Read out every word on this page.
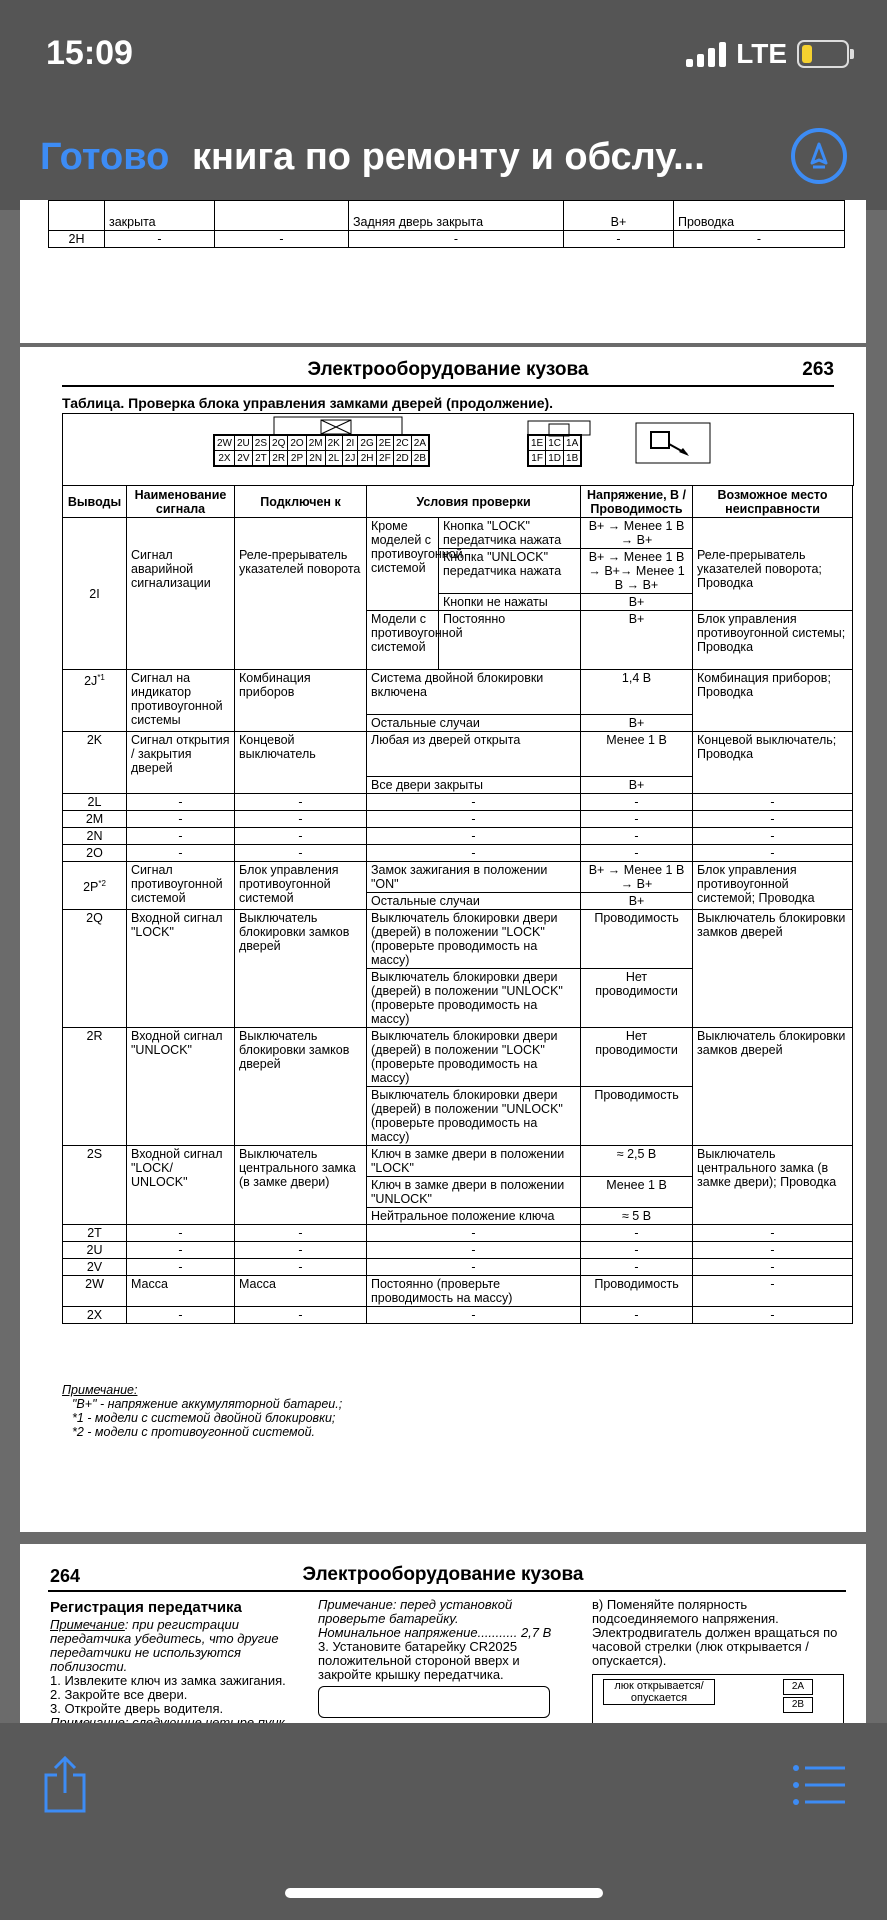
15:09	LTE
Готово книга по ремонту и обслу...
	закрыта		Задняя дверь закрыта	B+	Проводка
2H	-	-	-	-	-
Электрооборудование кузова	263
Таблица. Проверка блока управления замками дверей (продолжение).
2W	2U	2S	2Q	2O	2M	2K	2I	2G	2E	2C	2A
2X	2V	2T	2R	2P	2N	2L	2J	2H	2F	2D	2B
1E	1C	1A
1F	1D	1B
Выводы	Наименование сигнала	Подключен к	Условия проверки		Напряжение, В / Проводимость	Возможное место неисправности
2I	Сигнал аварийной сигнализации	Реле-прерыватель указателей поворота	Кроме моделей с противоугонной системой	Кнопка "LOCK" передатчика нажата	B+ → Менее 1 В → B+	Реле-прерыватель указателей поворота; Проводка
				Кнопка "UNLOCK" передатчика нажата	B+ → Менее 1 В → B+→ Менее 1 В → B+	
				Кнопки не нажаты	B+	
			Модели с противоугонной системой	Постоянно	B+	Блок управления противоугонной системы; Проводка
$2J^{*1}$	Сигнал на индикатор противоугонной системы	Комбинация приборов	Система двойной блокировки включена		1,4 В	Комбинация приборов; Проводка
			Остальные случаи		B+	
2K	Сигнал открытия / закрытия дверей	Концевой выключатель	Любая из дверей открыта		Менее 1 В	Концевой выключатель; Проводка
			Все двери закрыты		B+	
2L	-	-	-		-	-
2M	-	-	-		-	-
2N	-	-	-		-	-
2O	-	-	-		-	-
$2P^{*2}$	Сигнал противоугонной системой	Блок управления противоугонной системой	Замок зажигания в положении "ON"		B+ → Менее 1 В → B+	Блок управления противоугонной системой; Проводка
			Остальные случаи		B+	
2Q	Входной сигнал "LOCK"	Выключатель блокировки замков дверей	Выключатель блокировки двери (дверей) в положении "LOCK" (проверьте проводимость на массу)		Проводимость	Выключатель блокировки замков дверей
			Выключатель блокировки двери (дверей) в положении "UNLOCK" (проверьте проводимость на массу)		Нет проводимости	
2R	Входной сигнал "UNLOCK"	Выключатель блокировки замков дверей	Выключатель блокировки двери (дверей) в положении "LOCK" (проверьте проводимость на массу)		Нет проводимости	Выключатель блокировки замков дверей
			Выключатель блокировки двери (дверей) в положении "UNLOCK" (проверьте проводимость на массу)		Проводимость	
2S	Входной сигнал "LOCK/ UNLOCK"	Выключатель центрального замка (в замке двери)	Ключ в замке двери в положении "LOCK"		≈ 2,5 В	Выключатель центрального замка (в замке двери); Проводка
			Ключ в замке двери в положении "UNLOCK"		Менее 1 В	
			Нейтральное положение ключа		≈ 5 В	
2T	-	-	-		-	-
2U	-	-	-		-	-
2V	-	-	-		-	-
2W	Масса	Масса	Постоянно (проверьте проводимость на массу)		Проводимость	-
2X	-	-	-		-	-
Примечание:
"B+" - напряжение аккумуляторной батареи.;
*1 - модели с системой двойной блокировки;
*2 - модели с противоугонной системой.
264	Электрооборудование кузова
Регистрация передатчика
Примечание: при регистрации передатчика убедитесь, что другие передатчики не используются поблизости.
1. Извлеките ключ из замка зажигания.
2. Закройте все двери.
3. Откройте дверь водителя.
Примечание: перед установкой проверьте батарейку.
Номинальное напряжение........... 2,7 В
3. Установите батарейку CR2025 положительной стороной вверх и закройте крышку передатчика.
в) Поменяйте полярность подсоединяемого напряжения. Электродвигатель должен вращаться по часовой стрелки (люк открывается / опускается).
люк открывается/ опускается
2A
2B
